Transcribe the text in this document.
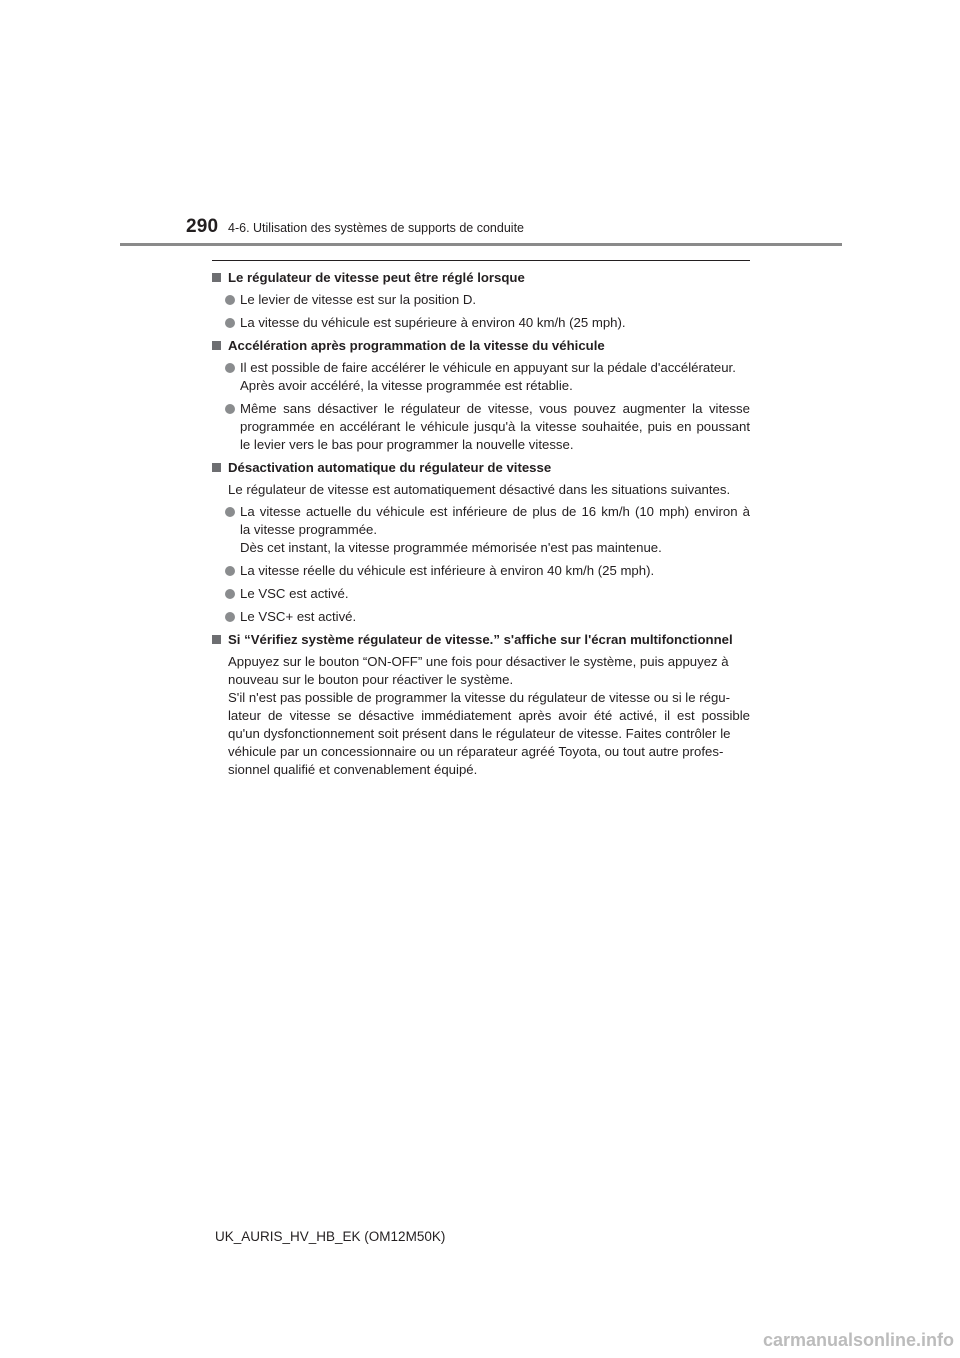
290 4-6. Utilisation des systèmes de supports de conduite
Le régulateur de vitesse peut être réglé lorsque
Le levier de vitesse est sur la position D.
La vitesse du véhicule est supérieure à environ 40 km/h (25 mph).
Accélération après programmation de la vitesse du véhicule
Il est possible de faire accélérer le véhicule en appuyant sur la pédale d'accélérateur.
Après avoir accéléré, la vitesse programmée est rétablie.
Même sans désactiver le régulateur de vitesse, vous pouvez augmenter la vitesse
programmée en accélérant le véhicule jusqu'à la vitesse souhaitée, puis en poussant
le levier vers le bas pour programmer la nouvelle vitesse.
Désactivation automatique du régulateur de vitesse
Le régulateur de vitesse est automatiquement désactivé dans les situations suivantes.
La vitesse actuelle du véhicule est inférieure de plus de 16 km/h (10 mph) environ à
la vitesse programmée.
Dès cet instant, la vitesse programmée mémorisée n'est pas maintenue.
La vitesse réelle du véhicule est inférieure à environ 40 km/h (25 mph).
Le VSC est activé.
Le VSC+ est activé.
Si “Vérifiez système régulateur de vitesse.” s'affiche sur l'écran multifonctionnel
Appuyez sur le bouton “ON-OFF” une fois pour désactiver le système, puis appuyez à
nouveau sur le bouton pour réactiver le système.
S'il n'est pas possible de programmer la vitesse du régulateur de vitesse ou si le régu-
lateur de vitesse se désactive immédiatement après avoir été activé, il est possible
qu'un dysfonctionnement soit présent dans le régulateur de vitesse. Faites contrôler le
véhicule par un concessionnaire ou un réparateur agréé Toyota, ou tout autre profes-
sionnel qualifié et convenablement équipé.
UK_AURIS_HV_HB_EK (OM12M50K)
carmanualsonline.info
